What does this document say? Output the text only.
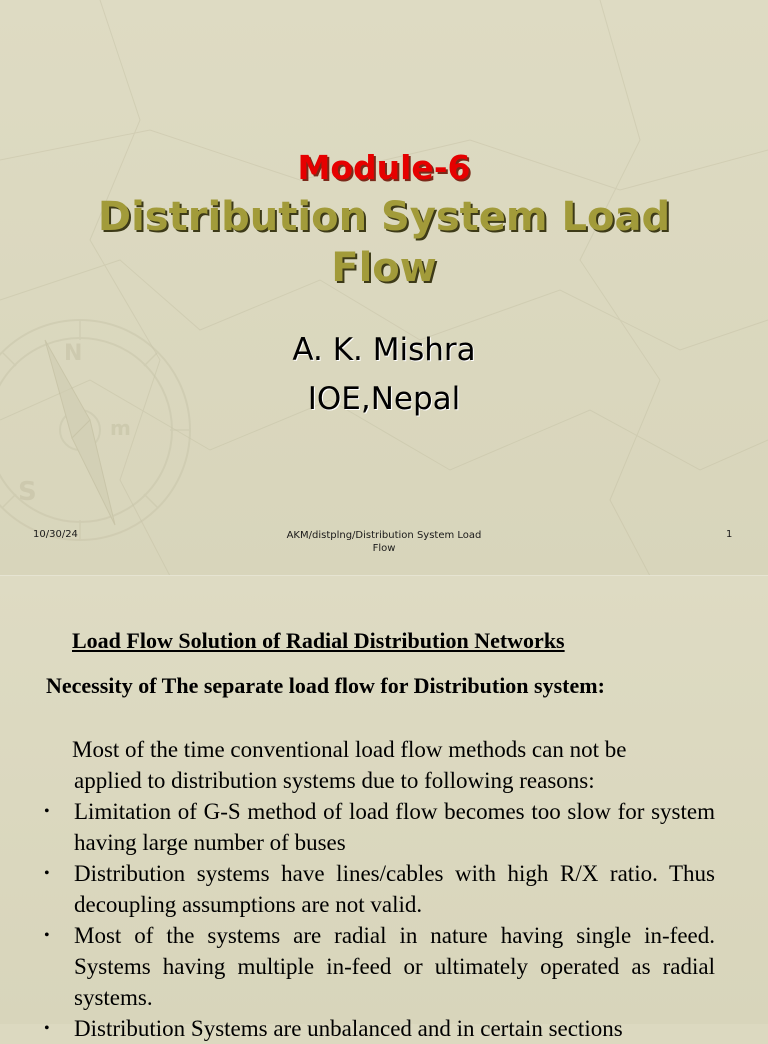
N
S
m
Module-6
Distribution System Load
Flow
A. K. Mishra
IOE,Nepal
10/30/24	AKM/distplng/Distribution System Load
Flow
1
Load Flow Solution of Radial Distribution Networks
Necessity of The separate load flow for Distribution system:
Most of the time conventional load flow methods can not be
applied to distribution systems due to following reasons:
• Limitation of G-S method of load flow becomes too slow for system having large number of buses
• Distribution systems have lines/cables with high R/X ratio. Thus decoupling assumptions are not valid.
• Most of the systems are radial in nature having single in-feed. Systems having multiple in-feed or ultimately operated as radial systems.
• Distribution Systems are unbalanced and in certain sections
